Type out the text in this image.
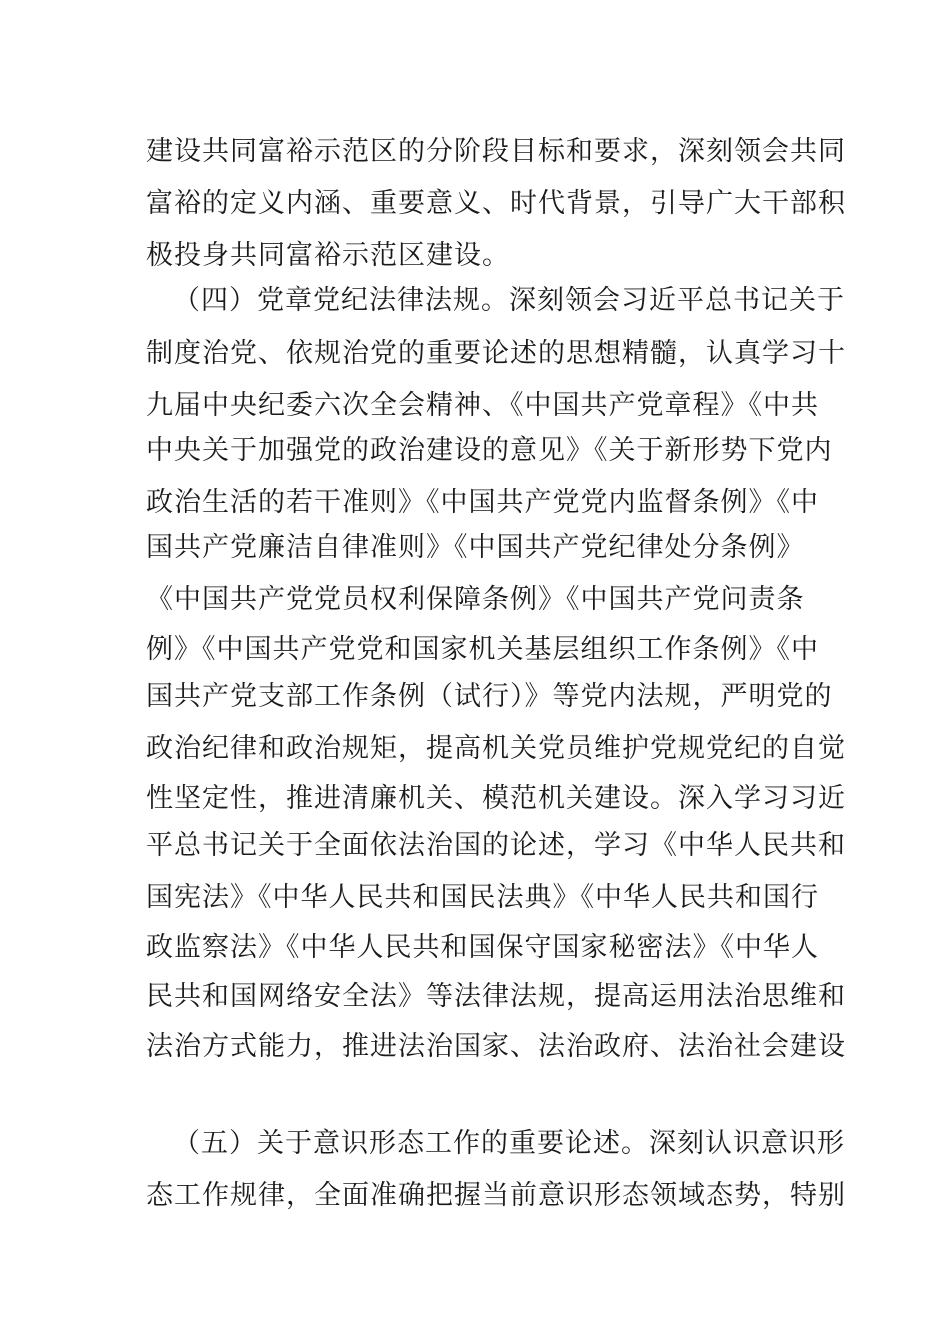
建设共同富裕示范区的分阶段目标和要求，深刻领会共同
富裕的定义内涵、重要意义、时代背景，引导广大干部积
极投身共同富裕示范区建设。
（四）党章党纪法律法规。深刻领会习近平总书记关于
制度治党、依规治党的重要论述的思想精髓，认真学习十
九届中央纪委六次全会精神、《中国共产党章程》《中共
中央关于加强党的政治建设的意见》《关于新形势下党内
政治生活的若干准则》《中国共产党党内监督条例》《中
国共产党廉洁自律准则》《中国共产党纪律处分条例》
《中国共产党党员权利保障条例》《中国共产党问责条
例》《中国共产党党和国家机关基层组织工作条例》《中
国共产党支部工作条例（试行）》等党内法规，严明党的
政治纪律和政治规矩，提高机关党员维护党规党纪的自觉
性坚定性，推进清廉机关、模范机关建设。深入学习习近
平总书记关于全面依法治国的论述，学习《中华人民共和
国宪法》《中华人民共和国民法典》《中华人民共和国行
政监察法》《中华人民共和国保守国家秘密法》《中华人
民共和国网络安全法》等法律法规，提高运用法治思维和
法治方式能力，推进法治国家、法治政府、法治社会建设
（五）关于意识形态工作的重要论述。深刻认识意识形
态工作规律，全面准确把握当前意识形态领域态势，特别
